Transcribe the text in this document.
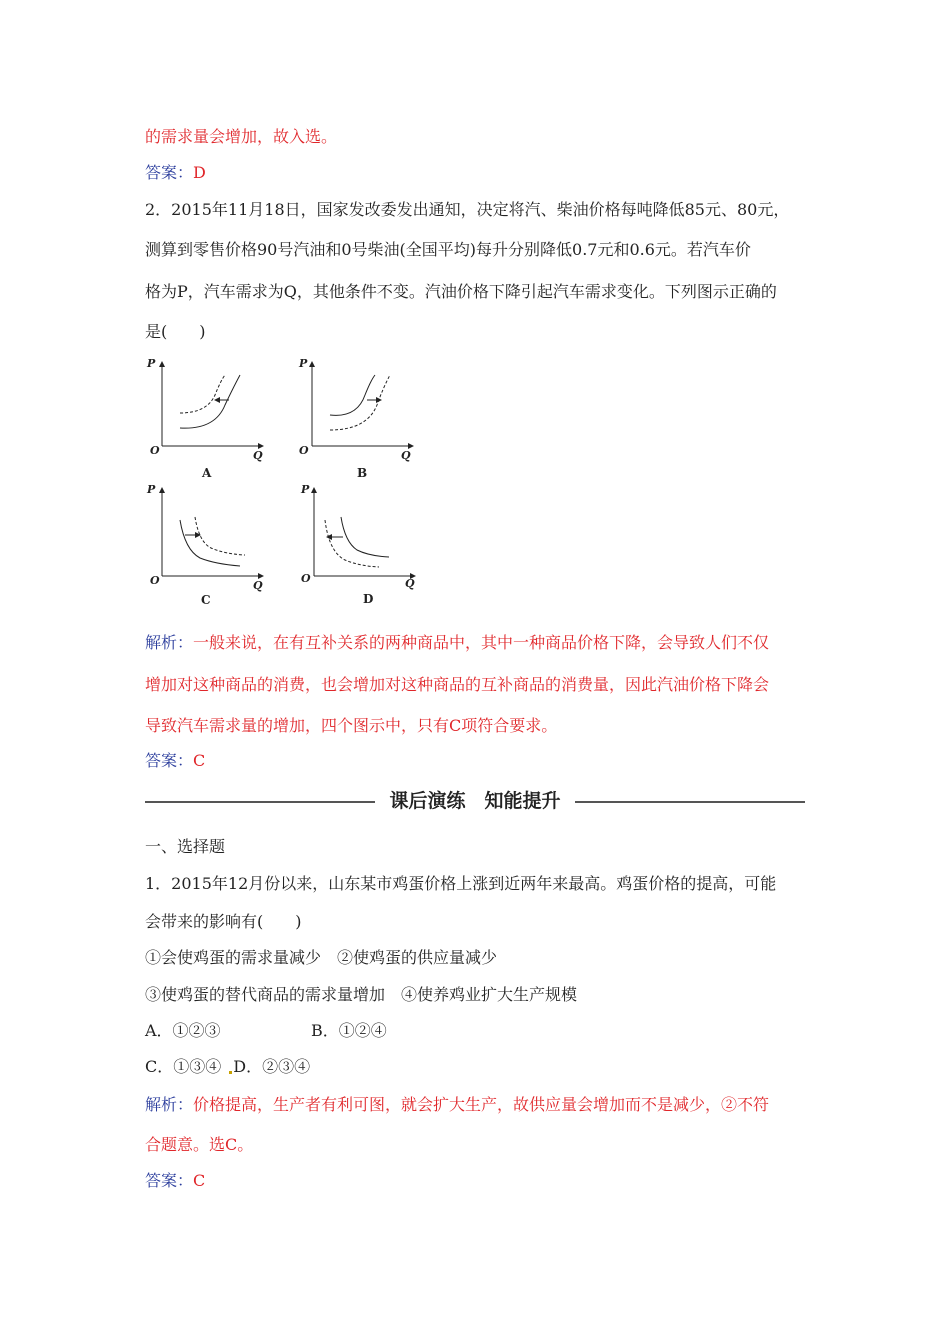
的需求量会增加，故入选。
答案：D
2．2015年11月18日，国家发改委发出通知，决定将汽、柴油价格每吨降低85元、80元，
测算到零售价格90号汽油和0号柴油(全国平均)每升分别降低0.7元和0.6元。若汽车价
格为P，汽车需求为Q，其他条件不变。汽油价格下降引起汽车需求变化。下列图示正确的
是(　　)
P
Q
O
A
P
Q
O
B
P
Q
O
C
P
Q
O
D
解析：一般来说，在有互补关系的两种商品中，其中一种商品价格下降，会导致人们不仅
增加对这种商品的消费，也会增加对这种商品的互补商品的消费量，因此汽油价格下降会
导致汽车需求量的增加，四个图示中，只有C项符合要求。
答案：C
课后演练　知能提升
一、选择题
1．2015年12月份以来，山东某市鸡蛋价格上涨到近两年来最高。鸡蛋价格的提高，可能
会带来的影响有(　　)
①会使鸡蛋的需求量减少　②使鸡蛋的供应量减少
③使鸡蛋的替代商品的需求量增加　④使养鸡业扩大生产规模
A．①②③	B．①②④
C．①③④ D．②③④
解析：价格提高，生产者有利可图，就会扩大生产，故供应量会增加而不是减少，②不符
合题意。选C。
答案：C
